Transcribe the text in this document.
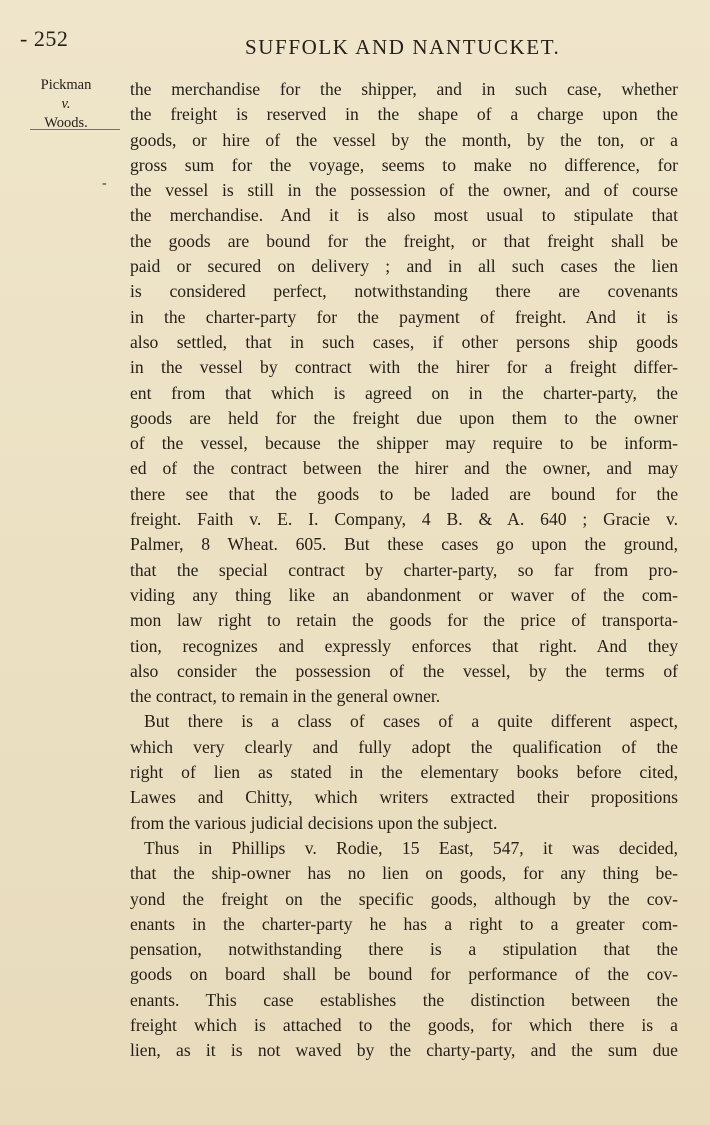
- 252	SUFFOLK AND NANTUCKET.
Pickman
v.
Woods.
-
the merchandise for the shipper, and in such case, whether
the freight is reserved in the shape of a charge upon the
goods, or hire of the vessel by the month, by the ton, or a
gross sum for the voyage, seems to make no difference, for
the vessel is still in the possession of the owner, and of course
the merchandise. And it is also most usual to stipulate that
the goods are bound for the freight, or that freight shall be
paid or secured on delivery ; and in all such cases the lien
is considered perfect, notwithstanding there are covenants
in the charter-party for the payment of freight. And it is
also settled, that in such cases, if other persons ship goods
in the vessel by contract with the hirer for a freight differ-
ent from that which is agreed on in the charter-party, the
goods are held for the freight due upon them to the owner
of the vessel, because the shipper may require to be inform-
ed of the contract between the hirer and the owner, and may
there see that the goods to be laded are bound for the
freight. Faith v. E. I. Company, 4 B. & A. 640 ; Gracie v.
Palmer, 8 Wheat. 605. But these cases go upon the ground,
that the special contract by charter-party, so far from pro-
viding any thing like an abandonment or waver of the com-
mon law right to retain the goods for the price of transporta-
tion, recognizes and expressly enforces that right. And they
also consider the possession of the vessel, by the terms of
the contract, to remain in the general owner.
But there is a class of cases of a quite different aspect,
which very clearly and fully adopt the qualification of the
right of lien as stated in the elementary books before cited,
Lawes and Chitty, which writers extracted their propositions
from the various judicial decisions upon the subject.
Thus in Phillips v. Rodie, 15 East, 547, it was decided,
that the ship-owner has no lien on goods, for any thing be-
yond the freight on the specific goods, although by the cov-
enants in the charter-party he has a right to a greater com-
pensation, notwithstanding there is a stipulation that the
goods on board shall be bound for performance of the cov-
enants. This case establishes the distinction between the
freight which is attached to the goods, for which there is a
lien, as it is not waved by the charty-party, and the sum due
